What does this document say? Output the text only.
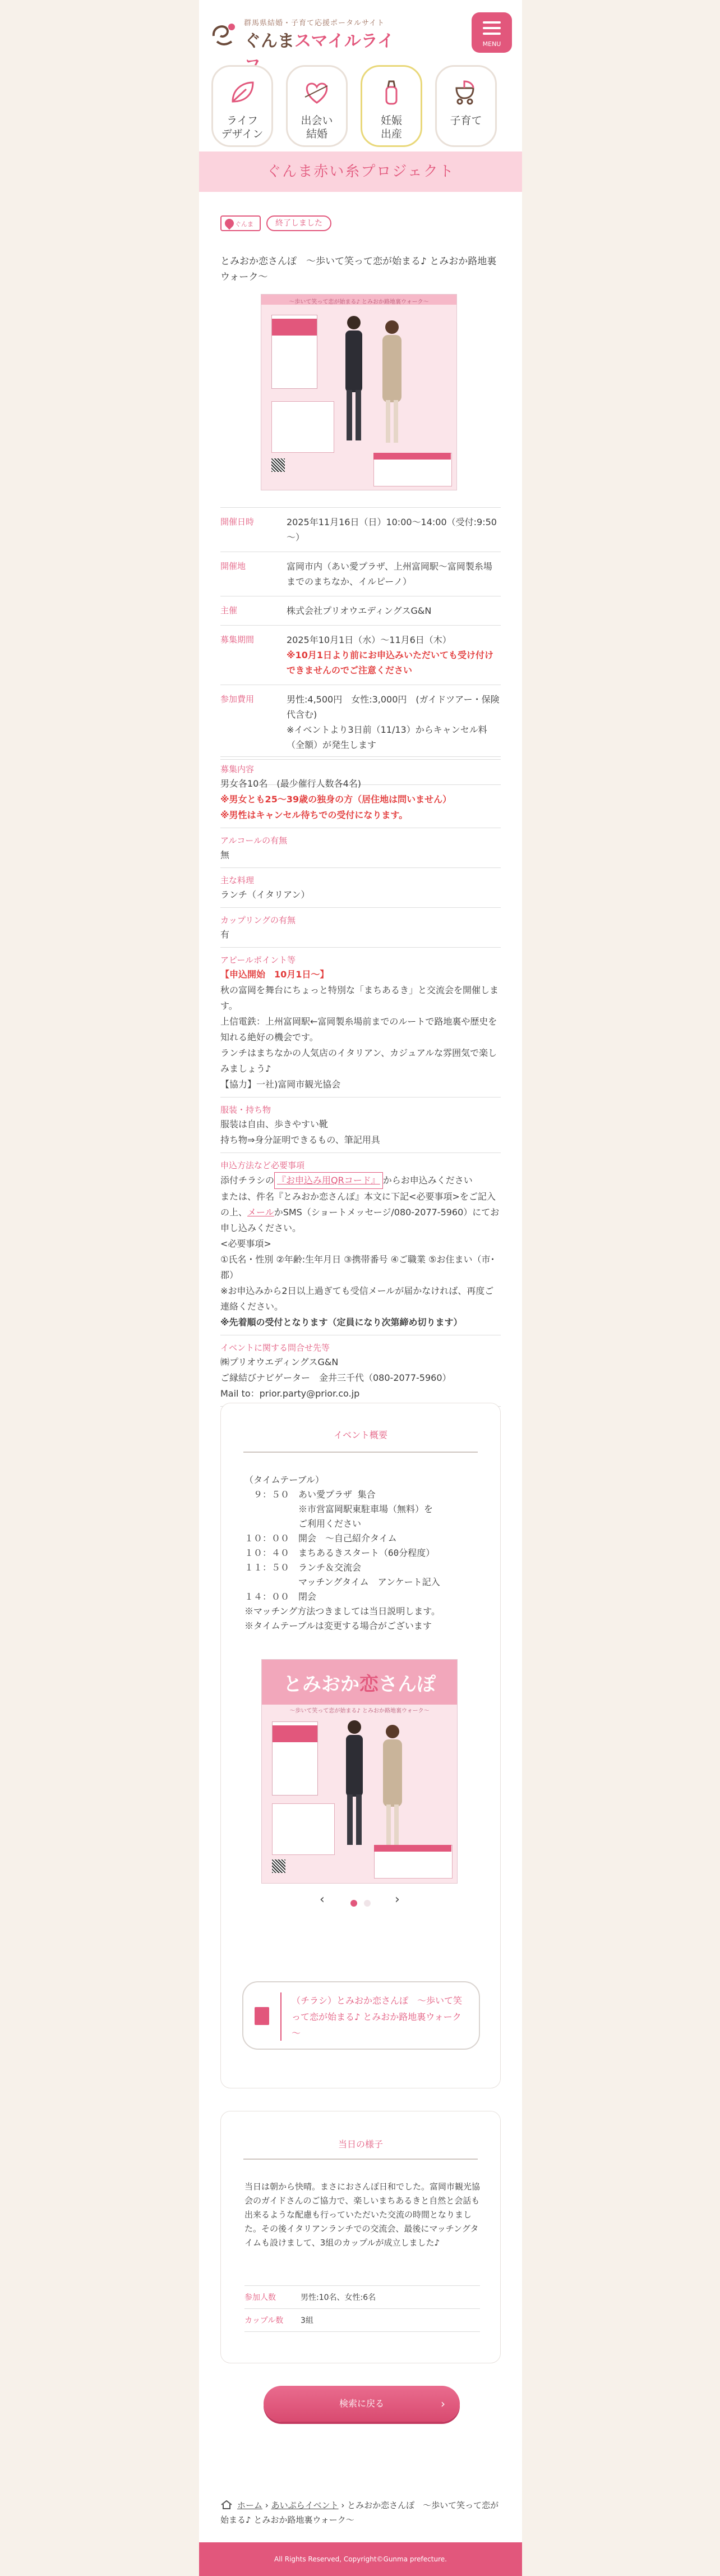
群馬県結婚・子育て応援ポータルサイト
ぐんまスマイルライ	MENU
ライフ
デザイン
出会い
結婚
妊娠
出産
子育て
ぐんま赤い糸プロジェクト
ぐんま	終了しました
とみおか恋さんぽ　～歩いて笑って恋が始まる♪ とみおか路地裏ウォーク～
～歩いて笑って恋が始まる♪ とみおか路地裏ウォーク～
開催日時	2025年11月16日（日）10:00～14:00（受付:9:50～）
開催地	富岡市内（あい愛プラザ、上州富岡駅～富岡製糸場までのまちなか、イルピーノ）
主催	株式会社プリオウエディングスG&N
募集期間	2025年10月1日（水）～11月6日（木）
※10月1日より前にお申込みいただいても受け付けできませんのでご注意ください
参加費用	男性:4,500円　女性:3,000円　(ガイドツアー・保険代含む)
※イベントより3日前（11/13）からキャンセル料（全額）が発生します
募集内容

男女各10名　(最少催行人数各4名)

※男女とも25～39歳の独身の方（居住地は問いません）

※男性はキャンセル待ちでの受付になります。

アルコールの有無
無
主な料理
ランチ（イタリアン）
カップリングの有無
有
アピールポイント等

【申込開始　10月1日～】

秋の富岡を舞台にちょっと特別な「まちあるき」と交流会を開催します。

上信電鉄：上州富岡駅←富岡製糸場前までのルートで路地裏や歴史を知れる絶好の機会です。

ランチはまちなかの人気店のイタリアン、カジュアルな雰囲気で楽しみましょう♪

【協力】一社)富岡市観光協会

服装・持ち物

服装は自由、歩きやすい靴

持ち物⇒身分証明できるもの、筆記用具

申込方法など必要事項

添付チラシの 『お申込み用QRコード』 からお申込みください

または、件名『とみおか恋さんぽ』本文に下記<必要事項>をご記入の上、メールかSMS（ショートメッセージ/080-2077-5960）にてお申し込みください。

<必要事項>

①氏名・性別 ②年齢:生年月日 ③携帯番号 ④ご職業 ⑤お住まい（市･郡）

※お申込みから2日以上過ぎても受信メールが届かなければ、再度ご連絡ください。

※先着順の受付となります（定員になり次第締め切ります）

イベントに関する問合せ先等

㈱プリオウエディングスG&N

ご縁結びナビゲーター　金井三千代（080-2077-5960）

Mail to：prior.party@prior.co.jp

イベント概要
（タイムテーブル）
　９：５０　あい愛プラザ 集合
　　　　　　※市営富岡駅東駐車場（無料）を
　　　　　　ご利用ください
１０：００　開会　～自己紹介タイム
１０：４０　まちあるきスタート（60分程度）
１１：５０　ランチ＆交流会
　　　　　　マッチングタイム　アンケート記入
１４：００　閉会
※マッチング方法つきましては当日説明します。
※タイムテーブルは変更する場合がございます
とみおか恋さんぽ
～歩いて笑って恋が始まる♪ とみおか路地裏ウォーク～
‹	›
（チラシ）とみおか恋さんぽ　～歩いて笑って恋が始まる♪ とみおか路地裏ウォーク～
当日の様子
当日は朝から快晴。まさにおさんぽ日和でした。富岡市観光協会のガイドさんのご協力で、楽しいまちあるきと自然と会話も出来るような配慮も行っていただいた交流の時間となりました。その後イタリアンランチでの交流会、最後にマッチングタイムも設けまして、3組のカップルが成立しました♪
参加人数	男性:10名、女性:6名
カップル数 3組
検索に戻る	›
ホーム › あいぷらイベント › とみおか恋さんぽ　～歩いて笑って恋が始まる♪ とみおか路地裏ウォーク～

All Rights Reserved, Copyright©Gunma prefecture.
